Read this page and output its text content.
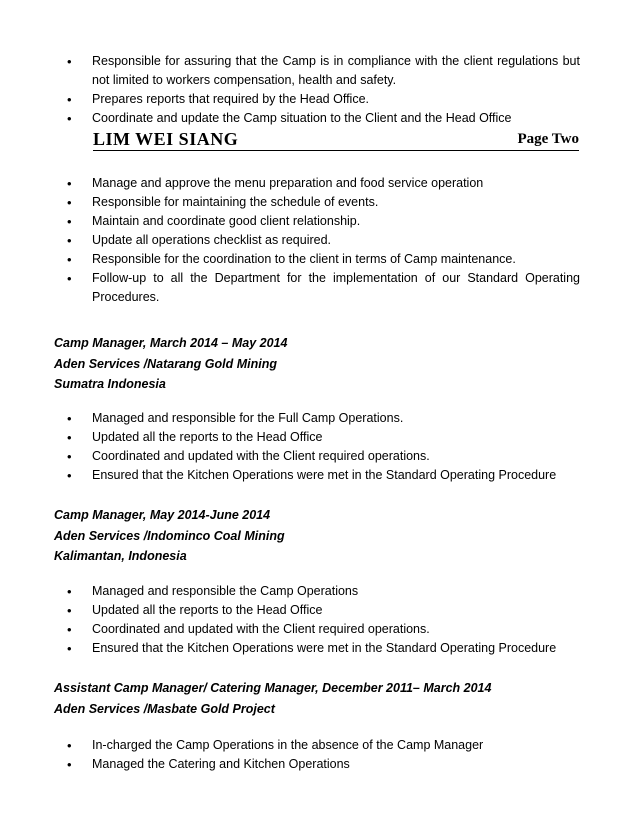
• Responsible for assuring that the Camp is in compliance with the client regulations but not limited to workers compensation, health and safety.
• Prepares reports that required by the Head Office.
• Coordinate and update the Camp situation to the Client and the Head Office
LIM WEI SIANG	Page Two
• Manage and approve the menu preparation and food service operation
• Responsible for maintaining the schedule of events.
• Maintain and coordinate good client relationship.
• Update all operations checklist as required.
• Responsible for the coordination to the client in terms of Camp maintenance.
• Follow-up to all the Department for the implementation of our Standard Operating Procedures.
Camp Manager, March 2014 – May 2014
Aden Services /Natarang Gold Mining
Sumatra Indonesia
• Managed and responsible for the Full Camp Operations.
• Updated all the reports to the Head Office
• Coordinated and updated with the Client required operations.
• Ensured that the Kitchen Operations were met in the Standard Operating Procedure
Camp Manager, May 2014-June 2014
Aden Services /Indominco Coal Mining
Kalimantan, Indonesia
• Managed and responsible the Camp Operations
• Updated all the reports to the Head Office
• Coordinated and updated with the Client required operations.
• Ensured that the Kitchen Operations were met in the Standard Operating Procedure
Assistant Camp Manager/ Catering Manager, December 2011– March 2014
Aden Services /Masbate Gold Project
• In-charged the Camp Operations in the absence of the Camp Manager
• Managed the Catering and Kitchen Operations
